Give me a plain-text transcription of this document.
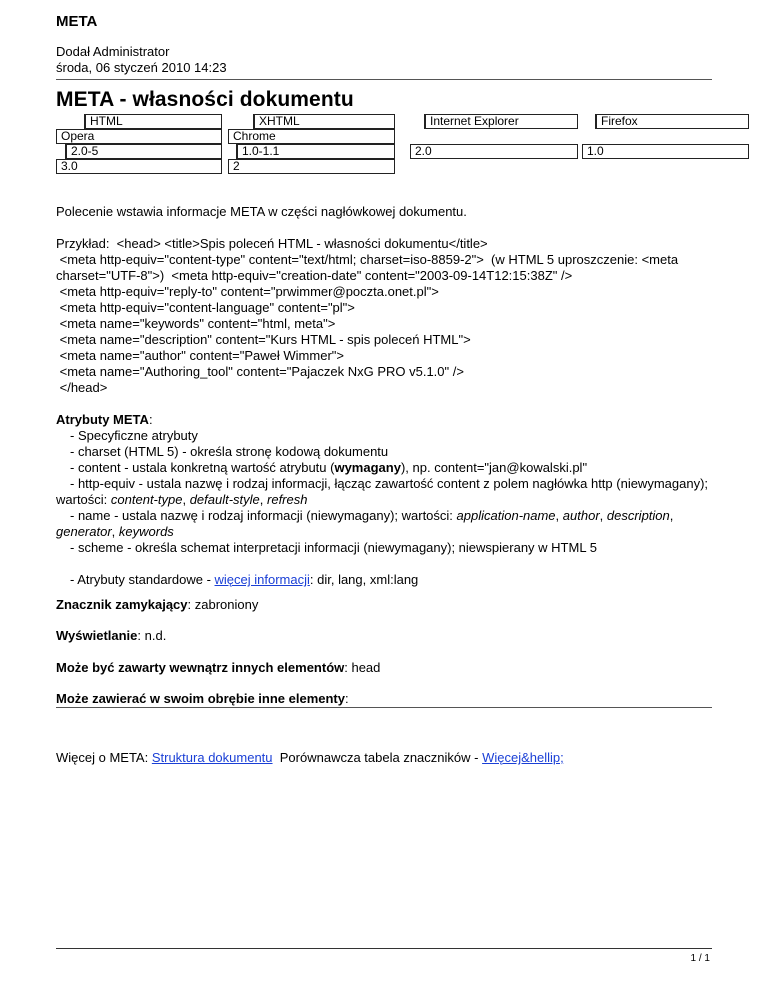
META
Dodał Administrator
środa, 06 styczeń 2010 14:23
META - własności dokumentu
HTML	XHTML	Internet Explorer	Firefox
Opera	Chrome
2.0-5	1.0-1.1	2.0	1.0
3.0	2
Polecenie wstawia informacje META w części nagłówkowej dokumentu.
Przykład:  <head> <title>Spis poleceń HTML - własności dokumentu</title>
<meta http-equiv="content-type" content="text/html; charset=iso-8859-2">  (w HTML 5 uproszczenie: <meta
charset="UTF-8">)  <meta http-equiv="creation-date" content="2003-09-14T12:15:38Z" />
<meta http-equiv="reply-to" content="prwimmer@poczta.onet.pl">
<meta http-equiv="content-language" content="pl">
<meta name="keywords" content="html, meta">
<meta name="description" content="Kurs HTML - spis poleceń HTML">
<meta name="author" content="Paweł Wimmer">
<meta name="Authoring_tool" content="Pajaczek NxG PRO v5.1.0" />
</head>
Atrybuty META:
- Specyficzne atrybuty
- charset (HTML 5) - określa stronę kodową dokumentu
- content - ustala konkretną wartość atrybutu (wymagany), np. content="jan@kowalski.pl"
- http-equiv - ustala nazwę i rodzaj informacji, łącząc zawartość content z polem nagłówka http (niewymagany);
wartości: content-type, default-style, refresh
- name - ustala nazwę i rodzaj informacji (niewymagany); wartości: application-name, author, description,
generator, keywords
- scheme - określa schemat interpretacji informacji (niewymagany); niewspierany w HTML 5
- Atrybuty standardowe - więcej informacji: dir, lang, xml:lang
Znacznik zamykający: zabroniony
Wyświetlanie: n.d.
Może być zawarty wewnątrz innych elementów: head
Może zawierać w swoim obrębie inne elementy:
Więcej o META: Struktura dokumentu  Porównawcza tabela znaczników - Więcej&hellip;
1 / 1
